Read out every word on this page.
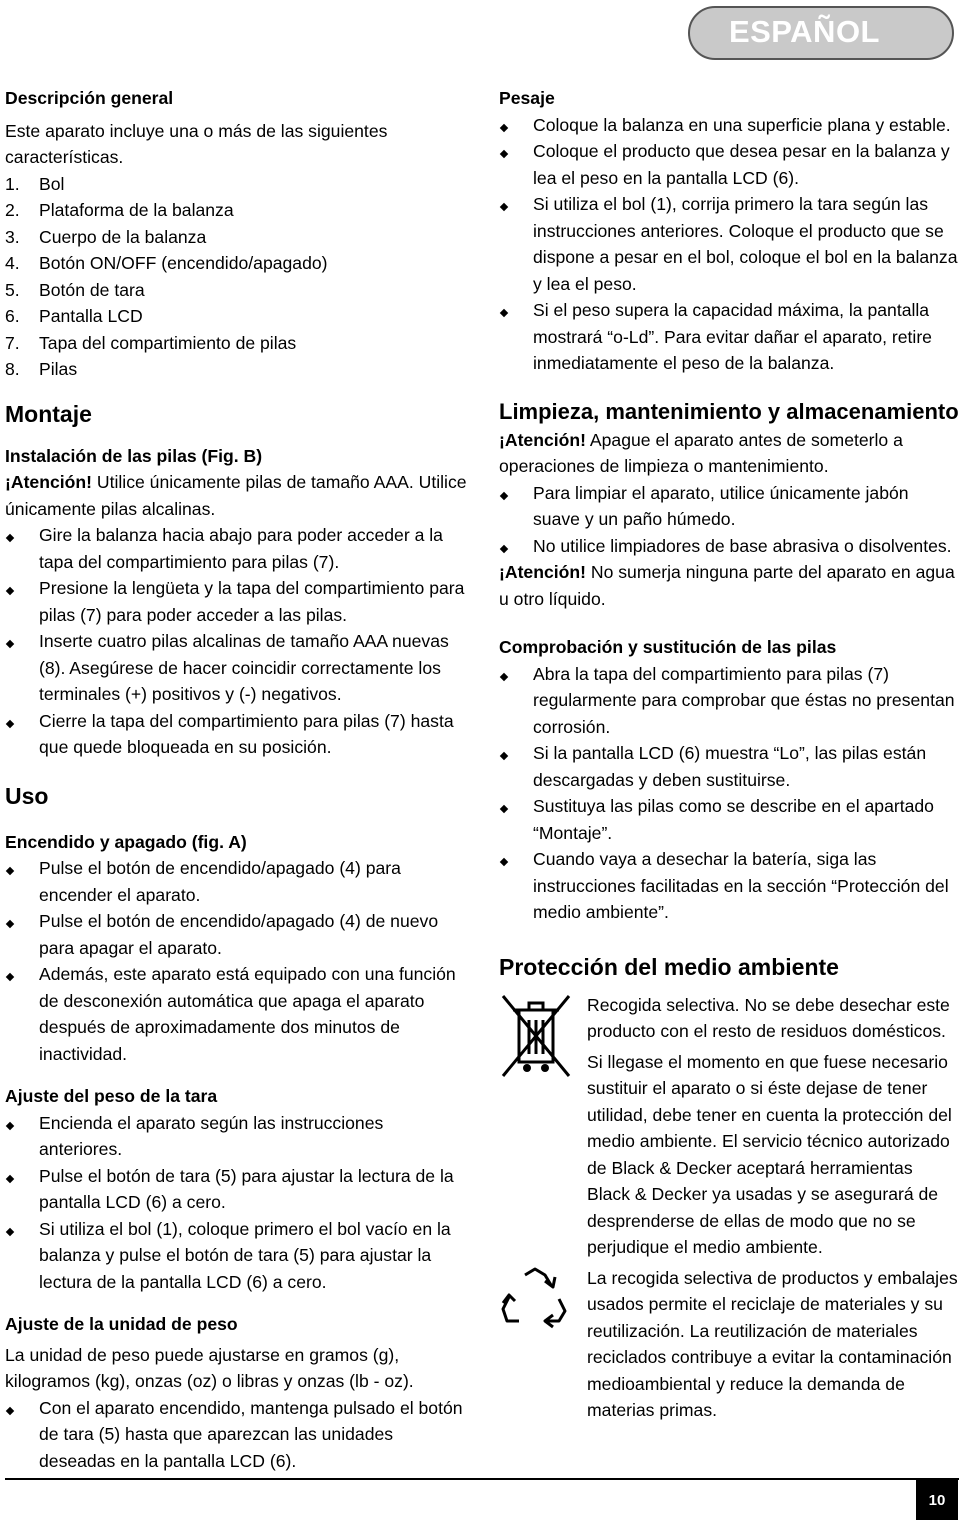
ESPAÑOL
Descripción general

Este aparato incluye una o más de las siguientes características.

1.	Bol
2.	Plataforma de la balanza
3.	Cuerpo de la balanza
4.	Botón ON/OFF (encendido/apagado)
5.	Botón de tara
6.	Pantalla LCD
7.	Tapa del compartimiento de pilas
8.	Pilas
Montaje
Instalación de las pilas (Fig. B)

¡Atención! Utilice únicamente pilas de tamaño AAA. Utilice únicamente pilas alcalinas.

Gire la balanza hacia abajo para poder acceder a la tapa del compartimiento para pilas (7).
Presione la lengüeta y la tapa del compartimiento para pilas (7) para poder acceder a las pilas.
Inserte cuatro pilas alcalinas de tamaño AAA nuevas (8). Asegúrese de hacer coincidir correctamente los terminales (+) positivos y (-) negativos.
Cierre la tapa del compartimiento para pilas (7) hasta que quede bloqueada en su posición.
Uso
Encendido y apagado (fig. A)
Pulse el botón de encendido/apagado (4) para encender el aparato.
Pulse el botón de encendido/apagado (4) de nuevo para apagar el aparato.
Además, este aparato está equipado con una función de desconexión automática que apaga el aparato después de aproximadamente dos minutos de inactividad.
Ajuste del peso de la tara
Encienda el aparato según las instrucciones anteriores.
Pulse el botón de tara (5) para ajustar la lectura de la pantalla LCD (6) a cero.
Si utiliza el bol (1), coloque primero el bol vacío en la balanza y pulse el botón de tara (5) para ajustar la lectura de la pantalla LCD (6) a cero.
Ajuste de la unidad de peso

La unidad de peso puede ajustarse en gramos (g), kilogramos (kg), onzas (oz) o libras y onzas (lb - oz).

Con el aparato encendido, mantenga pulsado el botón de tara (5) hasta que aparezcan las unidades deseadas en la pantalla LCD (6).
Pesaje
Coloque la balanza en una superficie plana y estable.
Coloque el producto que desea pesar en la balanza y lea el peso en la pantalla LCD (6).
Si utiliza el bol (1), corrija primero la tara según las instrucciones anteriores. Coloque el producto que se dispone a pesar en el bol, coloque el bol en la balanza y lea el peso.
Si el peso supera la capacidad máxima, la pantalla mostrará “o-Ld”. Para evitar dañar el aparato, retire inmediatamente el peso de la balanza.
Limpieza, mantenimiento y almacenamiento

¡Atención! Apague el aparato antes de someterlo a operaciones de limpieza o mantenimiento.

Para limpiar el aparato, utilice únicamente jabón suave y un paño húmedo.
No utilice limpiadores de base abrasiva o disolventes.

¡Atención! No sumerja ninguna parte del aparato en agua u otro líquido.

Comprobación y sustitución de las pilas
Abra la tapa del compartimiento para pilas (7) regularmente para comprobar que éstas no presentan corrosión.
Si la pantalla LCD (6) muestra “Lo”, las pilas están descargadas y deben sustituirse.
Sustituya las pilas como se describe en el apartado “Montaje”.
Cuando vaya a desechar la batería, siga las instrucciones facilitadas en la sección “Protección del medio ambiente”.
Protección del medio ambiente

Recogida selectiva. No se debe desechar este producto con el resto de residuos domésticos.

Si llegase el momento en que fuese necesario sustituir el aparato o si éste dejase de tener utilidad, debe tener en cuenta la protección del medio ambiente. El servicio técnico autorizado de Black & Decker aceptará herramientas Black & Decker ya usadas y se asegurará de desprenderse de ellas de modo que no se perjudique el medio ambiente.

La recogida selectiva de productos y embalajes usados permite el reciclaje de materiales y su reutilización. La reutilización de materiales reciclados contribuye a evitar la contaminación medioambiental y reduce la demanda de materias primas.

10
